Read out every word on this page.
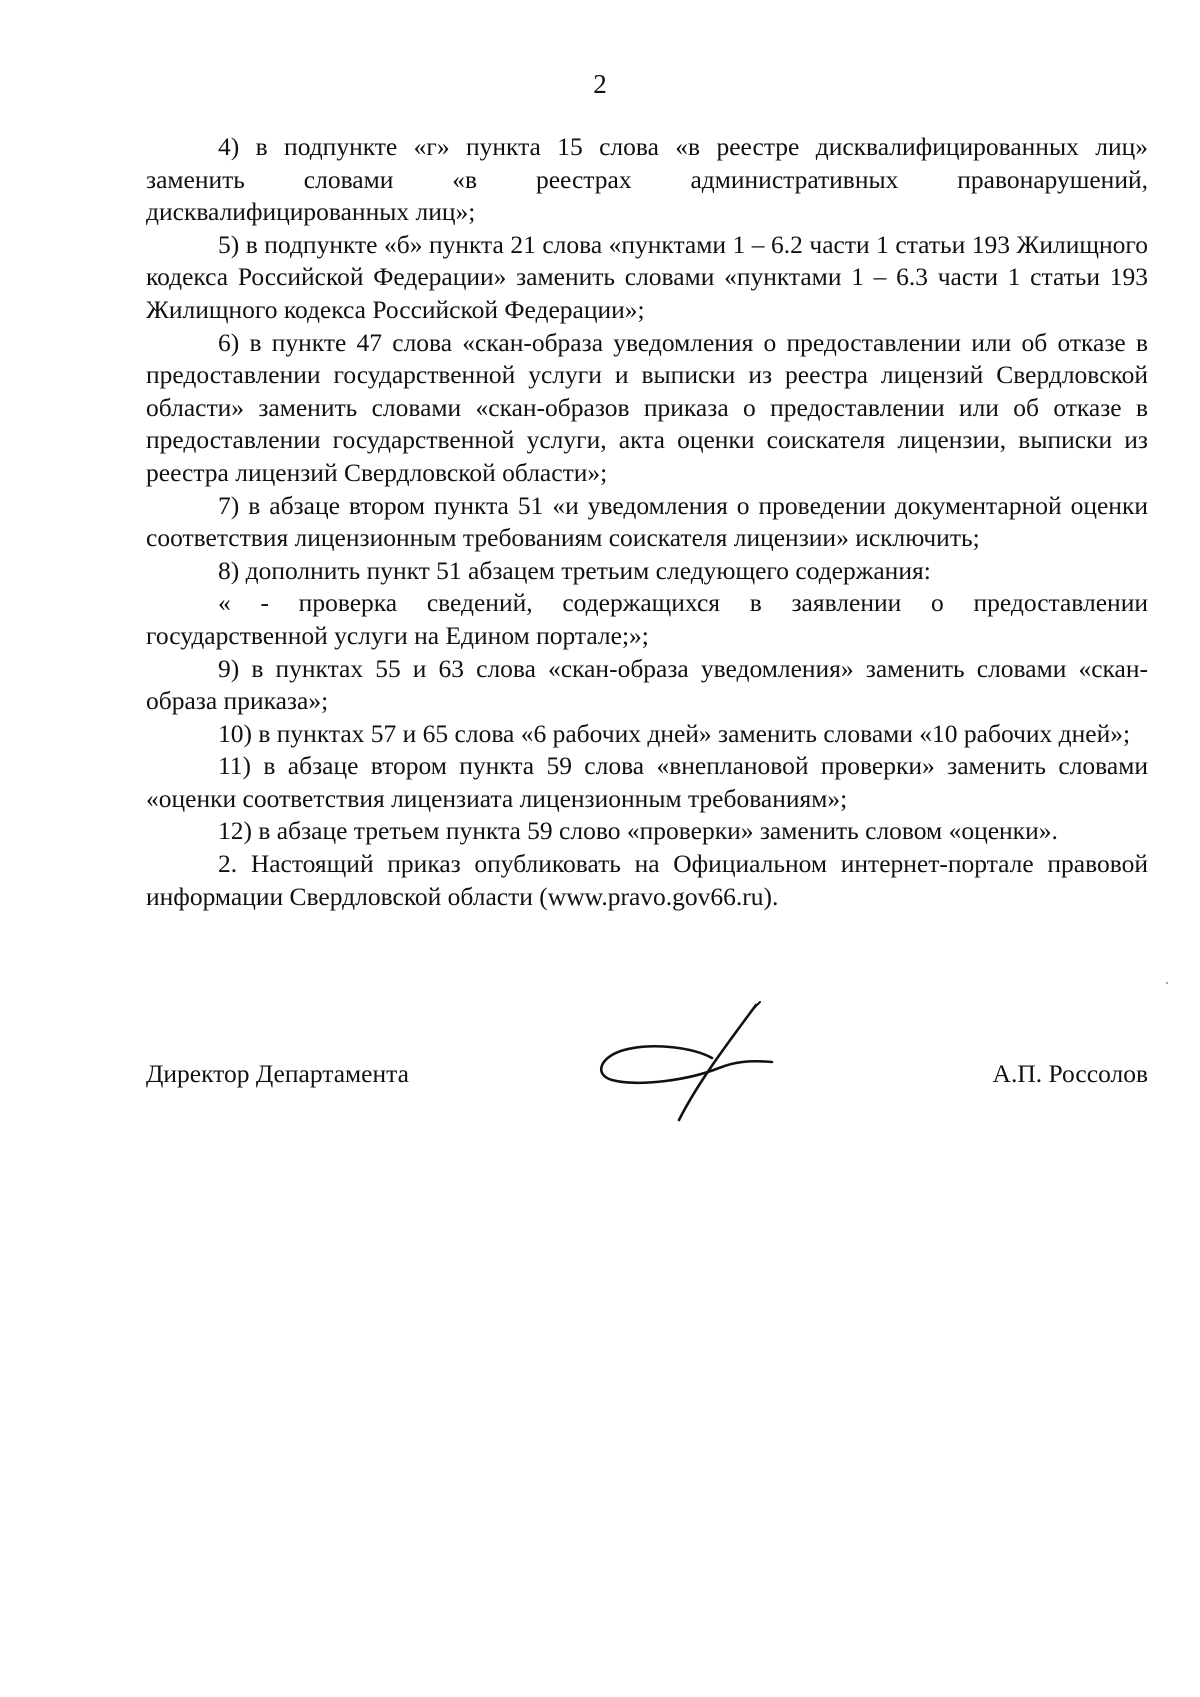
2

4) в подпункте «г» пункта 15 слова «в реестре дисквалифицированных лиц» заменить словами «в реестрах административных правонарушений, дисквалифицированных лиц»;

5) в подпункте «б» пункта 21 слова «пунктами 1 – 6.2 части 1 статьи 193 Жилищного кодекса Российской Федерации» заменить словами «пунктами 1 – 6.3 части 1 статьи 193 Жилищного кодекса Российской Федерации»;

6) в пункте 47 слова «скан-образа уведомления о предоставлении или об отказе в предоставлении государственной услуги и выписки из реестра лицензий Свердловской области» заменить словами «скан-образов приказа о предоставлении или об отказе в предоставлении государственной услуги, акта оценки соискателя лицензии, выписки из реестра лицензий Свердловской области»;

7) в абзаце втором пункта 51 «и уведомления о проведении документарной оценки соответствия лицензионным требованиям соискателя лицензии» исключить;

8) дополнить пункт 51 абзацем третьим следующего содержания:

« - проверка сведений, содержащихся в заявлении о предоставлении государственной услуги на Едином портале;»;

9) в пунктах 55 и 63 слова «скан-образа уведомления» заменить словами «скан-образа приказа»;

10) в пунктах 57 и 65 слова «6 рабочих дней» заменить словами «10 рабочих дней»;

11) в абзаце втором пункта 59 слова «внеплановой проверки» заменить словами «оценки соответствия лицензиата лицензионным требованиям»;

12) в абзаце третьем пункта 59 слово «проверки» заменить словом «оценки».

2. Настоящий приказ опубликовать на Официальном интернет-портале правовой информации Свердловской области (www.pravo.gov66.ru).

Директор Департамента	А.П. Россолов
